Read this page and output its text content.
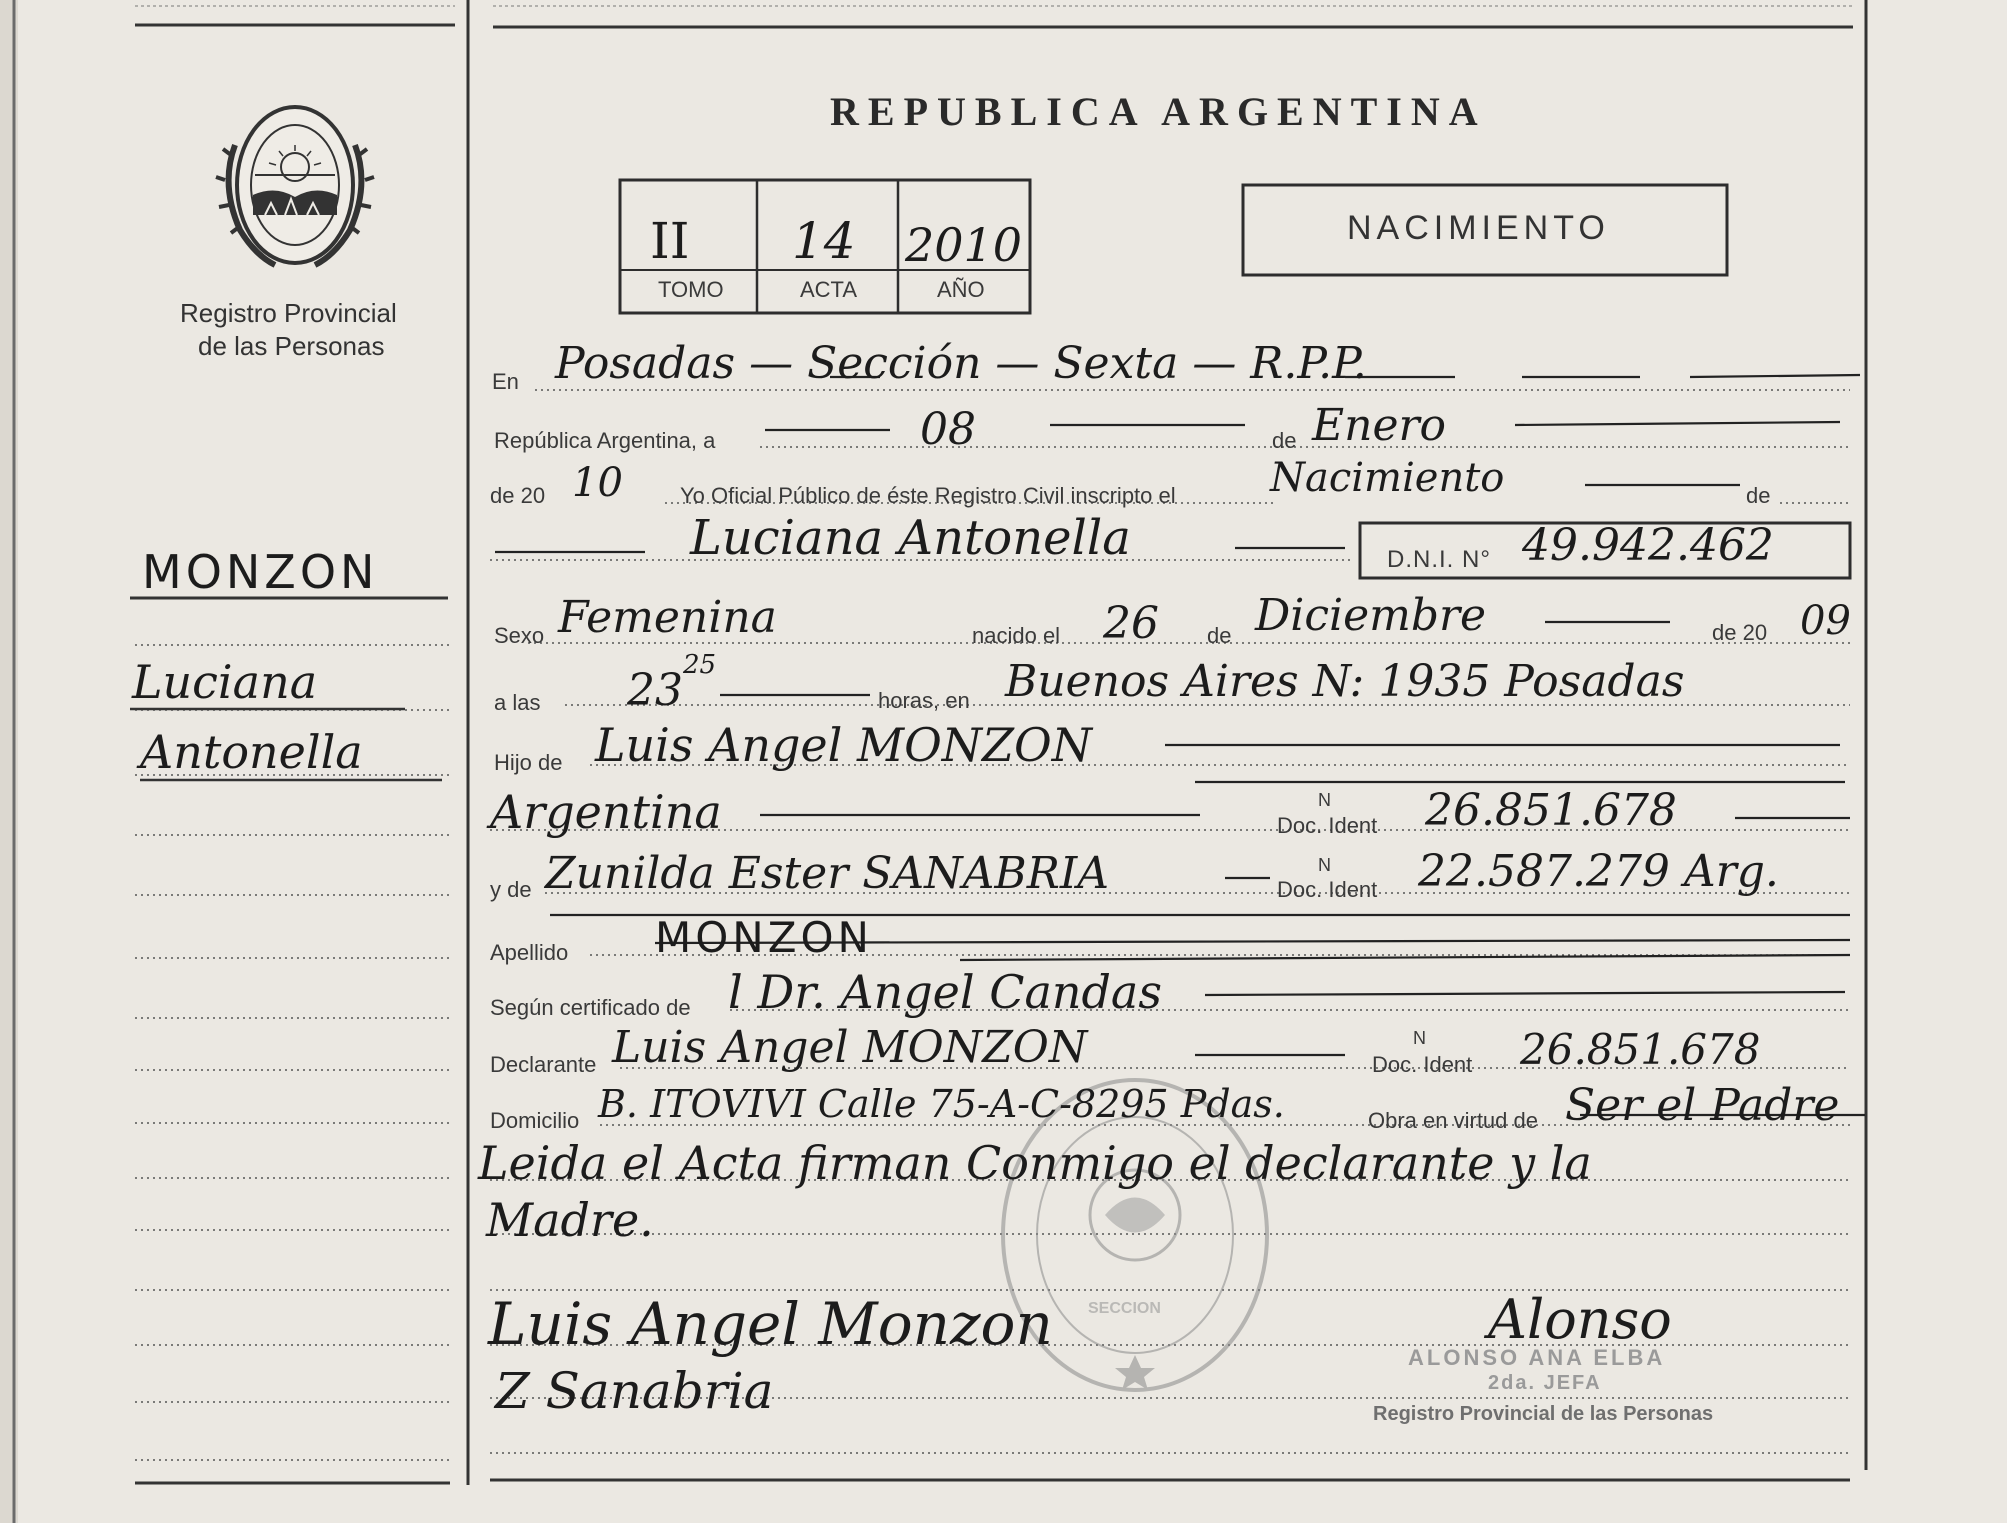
Registro Provincial
de las Personas
MONZON
Luciana
Antonella
REPUBLICA ARGENTINA
NACIMIENTO
II 14 2010
TOMO	ACTA	AÑO
En Posadas — Sección — Sexta — R.P.P.
República Argentina, a	08	de Enero
de 20 10	Yo Oficial Público de éste Registro Civil inscripto el Nacimiento	de
Luciana Antonella	D.N.I. N° 49.942.462
Sexo Femenina	nacido el 26 de Diciembre	de 20 09
a las 23 25
horas, en Buenos Aires N: 1935 Posadas
Hijo de Luis Angel MONZON
Argentina	N
Doc. Ident 26.851.678
y de Zunilda Ester SANABRIA	N
Doc. Ident 22.587.279 Arg.
Apellido MONZON
Según certificado de l Dr. Angel Candas
Declarante Luis Angel MONZON	N
Doc. Ident 26.851.678
Domicilio B. ITOVIVI Calle 75-A-C-8295 Pdas.	Obra en virtud de Ser el Padre
Leida el Acta firman Conmigo el declarante y la
Madre.
Luis Angel Monzon
Z Sanabria
Alonso
ALONSO ANA ELBA
2da. JEFA
Registro Provincial de las Personas
SECCION
